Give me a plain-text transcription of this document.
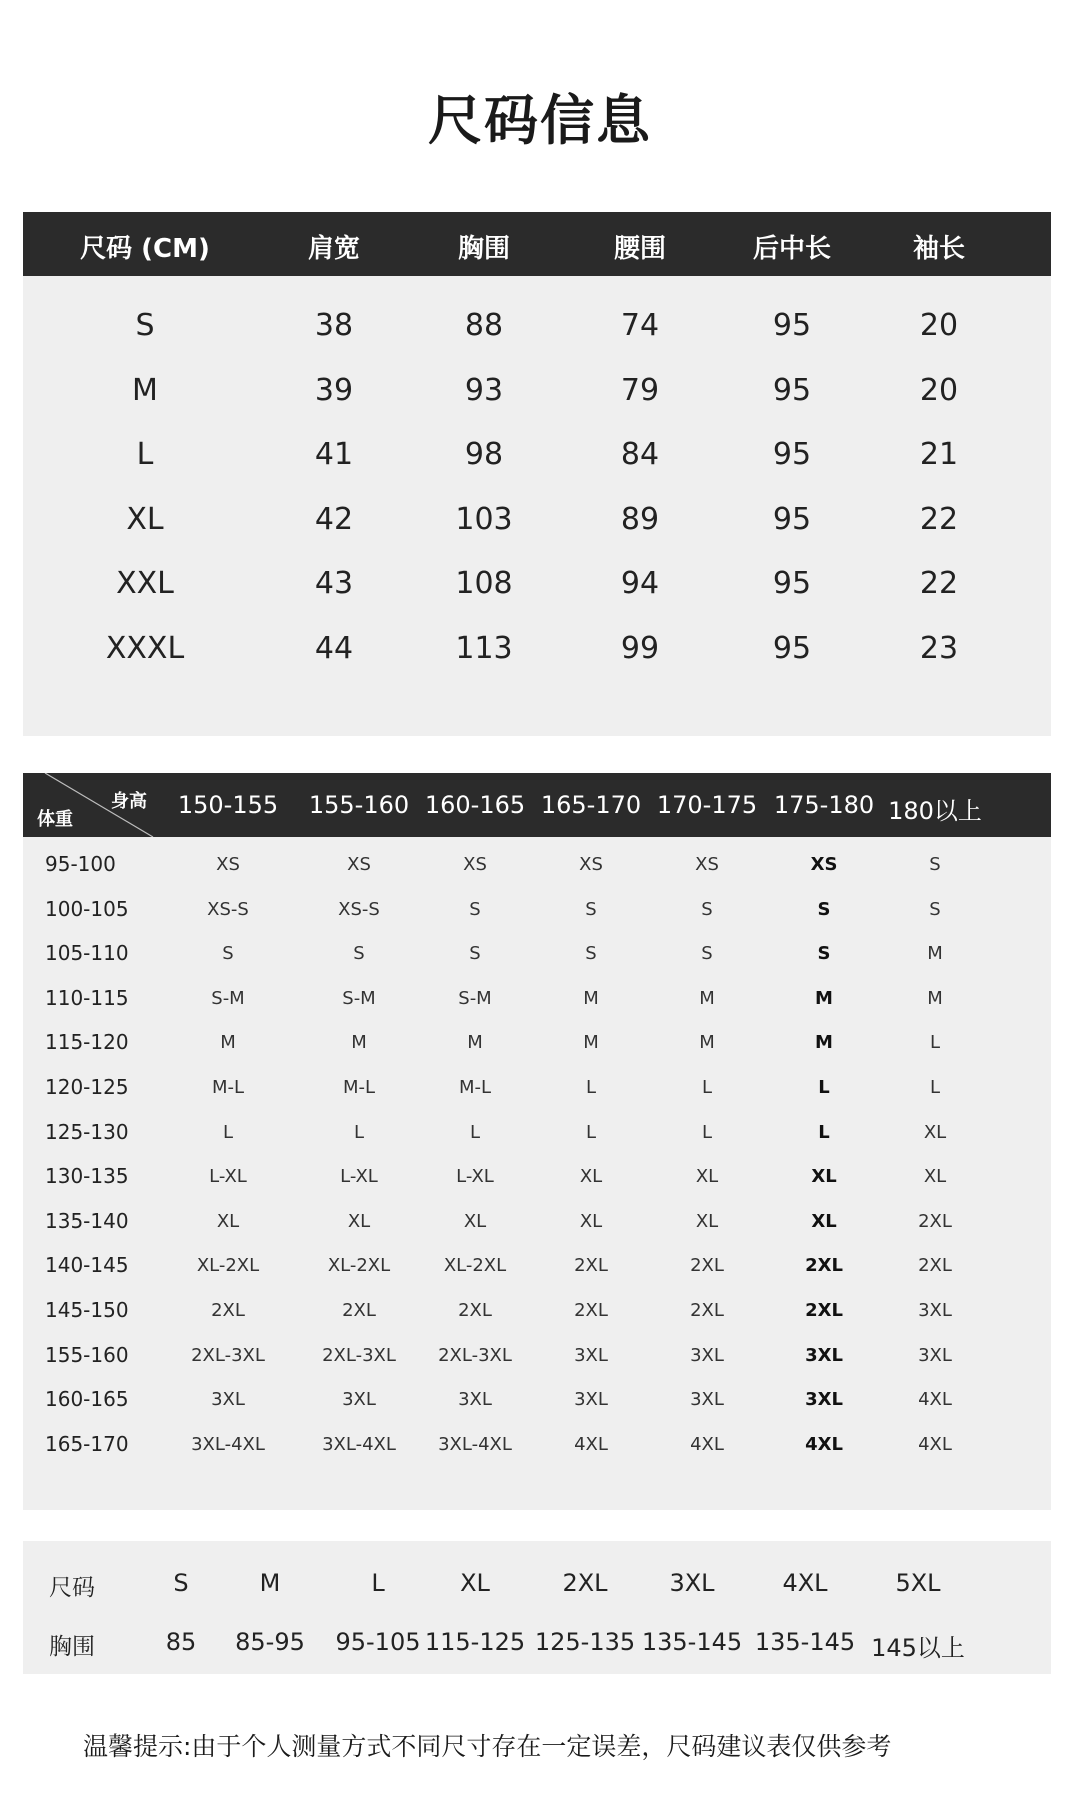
尺码信息
尺码 (CM)	肩宽	胸围	腰围	后中长	袖长
S	38	88	74	95	20
M	39	93	79	95	20
L	41	98	84	95	21
XL	42	103	89	95	22
XXL	43	108	94	95	22
XXXL	44	113	99	95	23
身高
体重
150-155	155-160 160-165 165-170 170-175 175-180 180以上
95-100	XS	XS	XS	XS	XS	XS	S
100-105	XS-S	XS-S	S	S	S	S	S
105-110	S	S	S	S	S	S	M
110-115	S-M	S-M	S-M	M	M	M	M
115-120	M	M	M	M	M	M	L
120-125	M-L	M-L	M-L	L	L	L	L
125-130	L	L	L	L	L	L	XL
130-135	L-XL	L-XL	L-XL	XL	XL	XL	XL
135-140	XL	XL	XL	XL	XL	XL	2XL
140-145	XL-2XL	XL-2XL	XL-2XL	2XL	2XL	2XL	2XL
145-150	2XL	2XL	2XL	2XL	2XL	2XL	3XL
155-160	2XL-3XL	2XL-3XL	2XL-3XL	3XL	3XL	3XL	3XL
160-165	3XL	3XL	3XL	3XL	3XL	3XL	4XL
165-170	3XL-4XL	3XL-4XL	3XL-4XL	4XL	4XL	4XL	4XL
尺码	S	M	L	XL	2XL	3XL	4XL	5XL
胸围	85	85-95	95-105 115-125 125-135 135-145 135-145 145以上
温馨提示:由于个人测量方式不同尺寸存在一定误差，尺码建议表仅供参考
